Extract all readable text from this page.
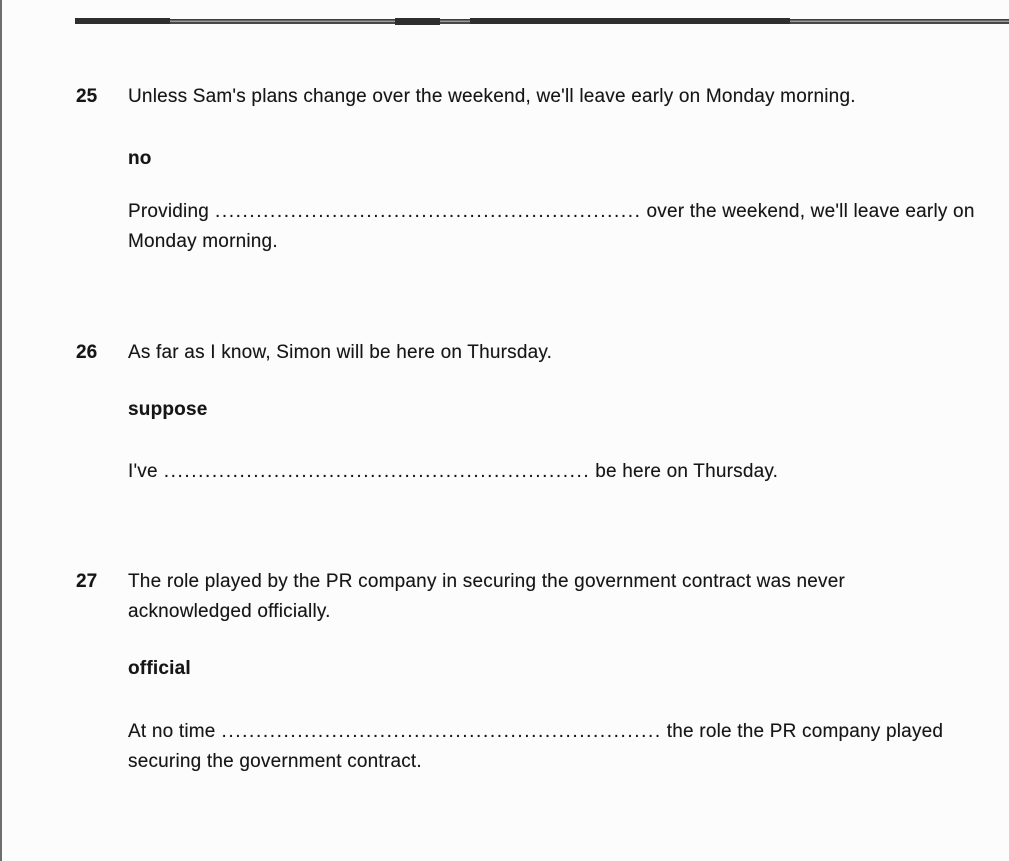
25 Unless Sam's plans change over the weekend, we'll leave early on Monday morning.
no
Providing .............................................................. over the weekend, we'll leave early on
Monday morning.
26 As far as I know, Simon will be here on Thursday.
suppose
I've .............................................................. be here on Thursday.
27 The role played by the PR company in securing the government contract was never
acknowledged officially.
official
At no time ................................................................ the role the PR company played
securing the government contract.
